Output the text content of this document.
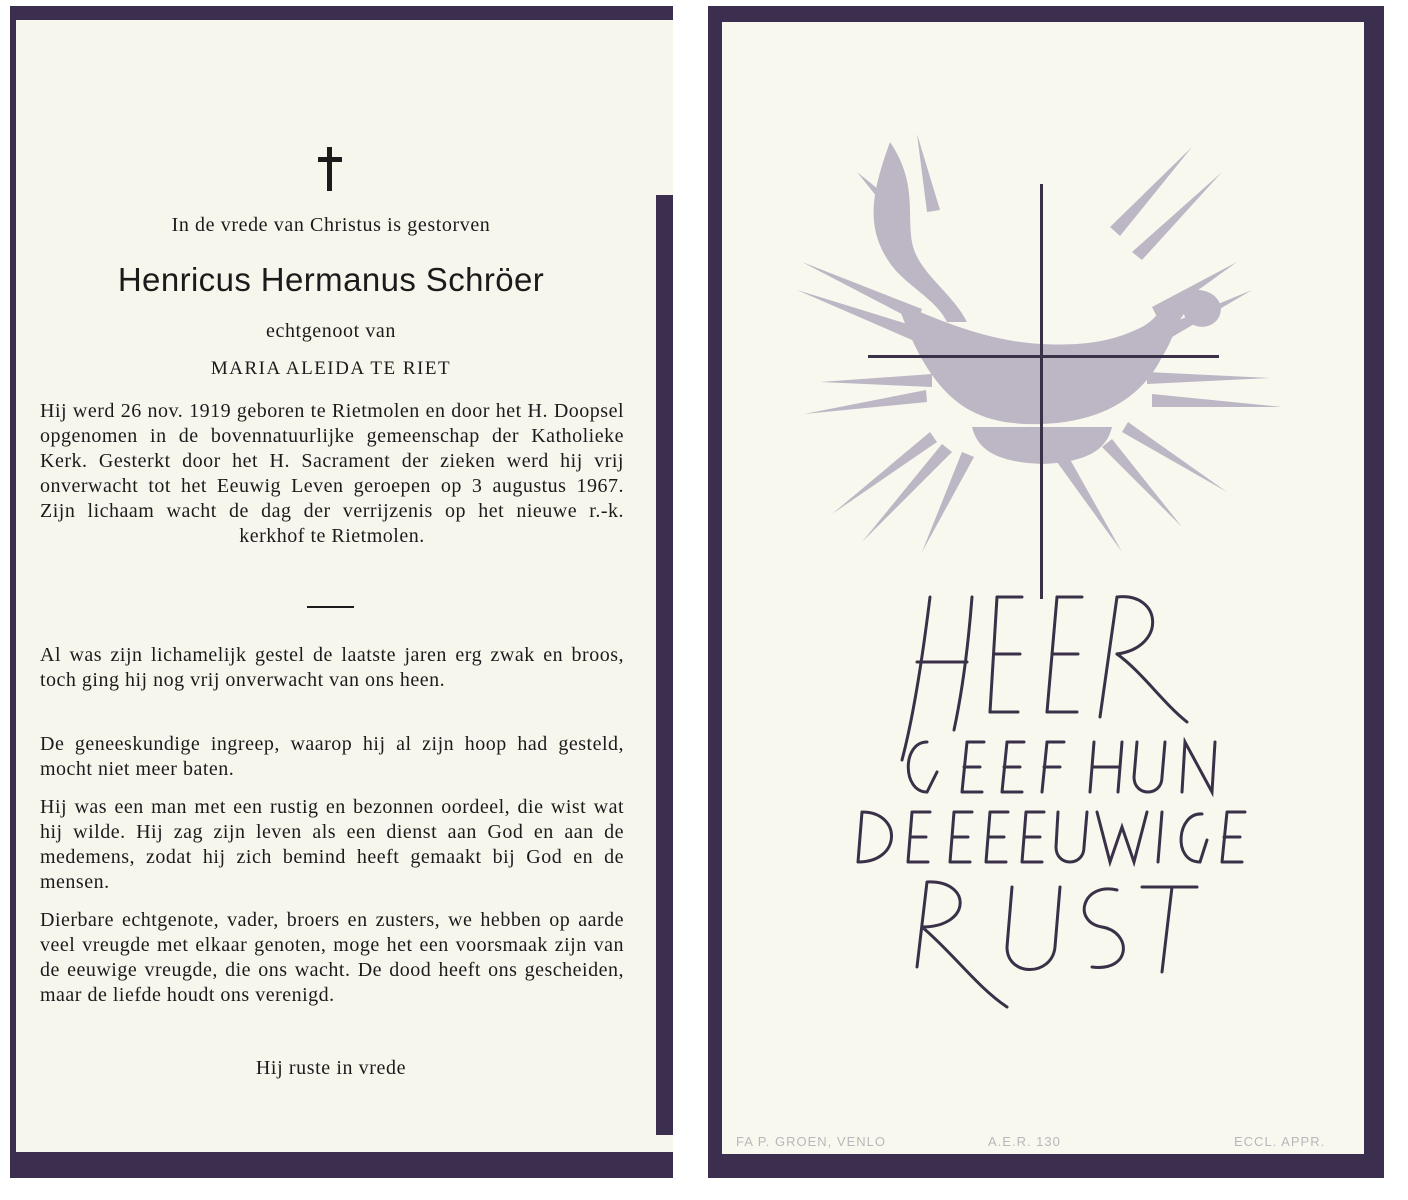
In de vrede van Christus is gestorven
Henricus Hermanus Schröer
echtgenoot van
MARIA ALEIDA TE RIET
Hij werd 26 nov. 1919 geboren te Rietmolen en door het H. Doopsel opgenomen in de bovennatuurlijke gemeenschap der Katholieke Kerk. Gesterkt door het H. Sacrament der zieken werd hij vrij onverwacht tot het Eeuwig Leven geroepen op 3 augustus 1967. Zijn lichaam wacht de dag der verrijzenis op het nieuwe r.-k. kerkhof te Rietmolen.
Al was zijn lichamelijk gestel de laatste jaren erg zwak en broos, toch ging hij nog vrij onverwacht van ons heen.
De geneeskundige ingreep, waarop hij al zijn hoop had gesteld, mocht niet meer baten.
Hij was een man met een rustig en bezonnen oordeel, die wist wat hij wilde. Hij zag zijn leven als een dienst aan God en aan de medemens, zodat hij zich bemind heeft gemaakt bij God en de mensen.
Dierbare echtgenote, vader, broers en zusters, we hebben op aarde veel vreugde met elkaar genoten, moge het een voorsmaak zijn van de eeuwige vreugde, die ons wacht. De dood heeft ons gescheiden, maar de liefde houdt ons verenigd.
Hij ruste in vrede
FA P. GROEN, VENLO	A.E.R. 130	ECCL. APPR.
